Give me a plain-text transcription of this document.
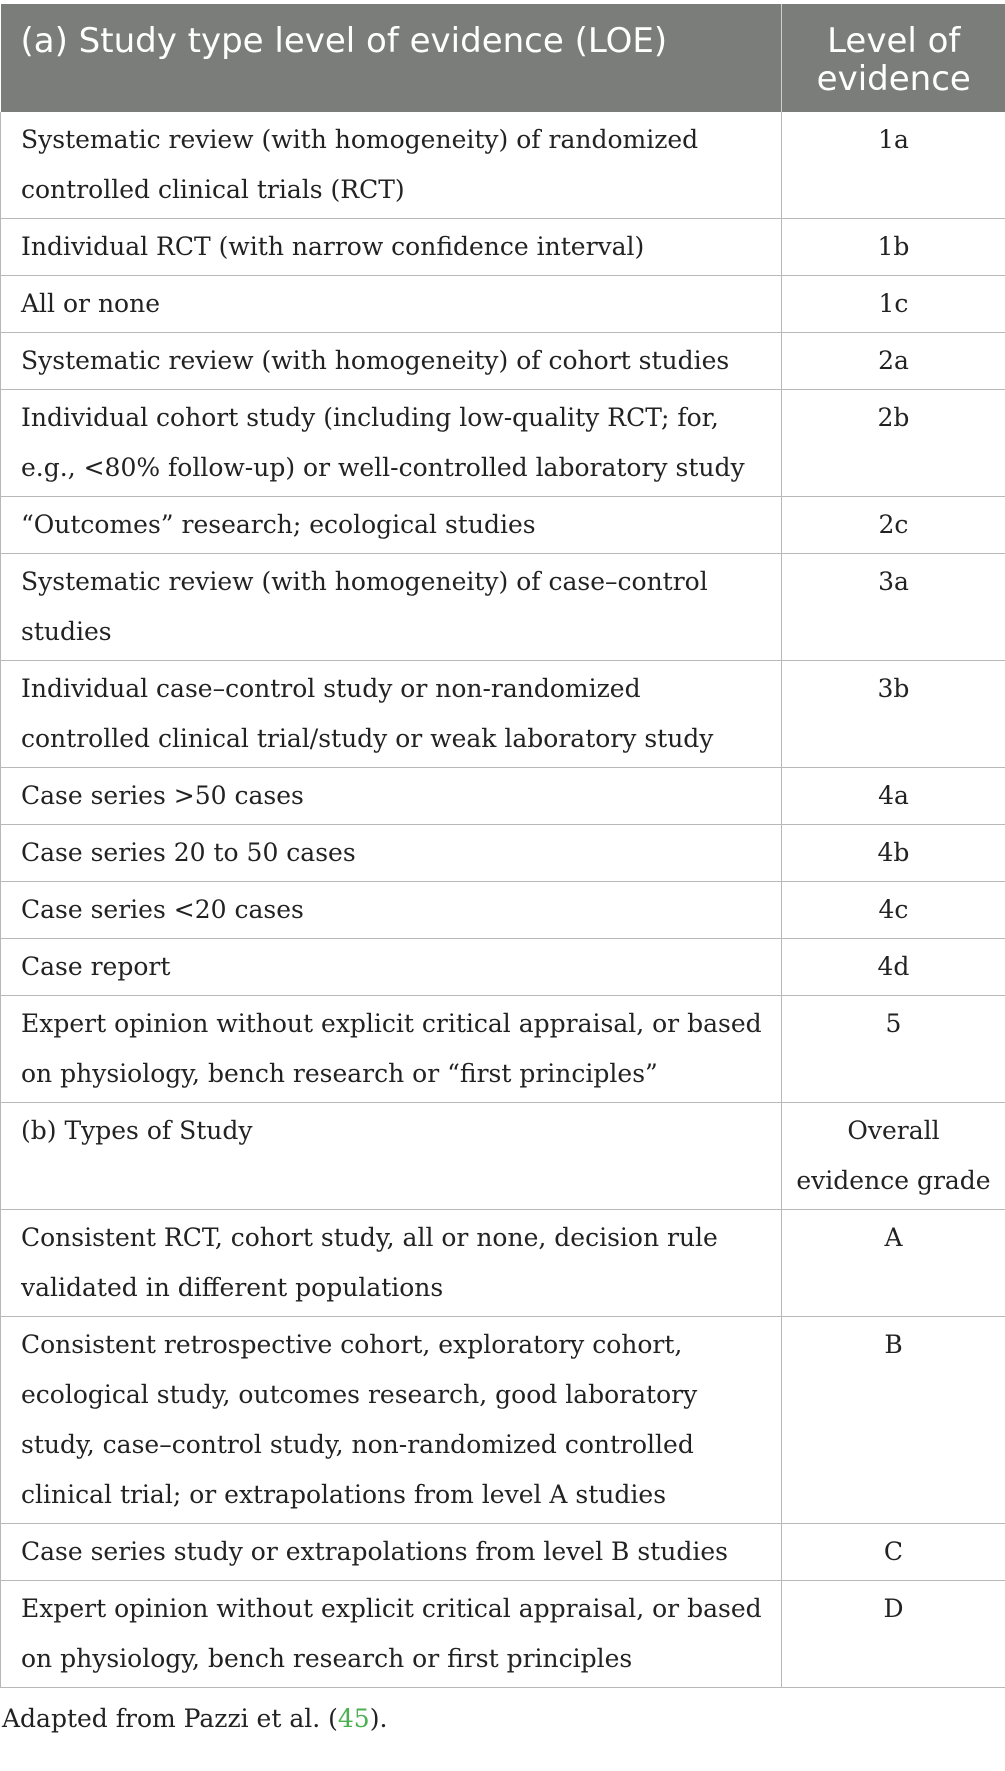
(a) Study type level of evidence (LOE)	Level of evidence
Systematic review (with homogeneity) of randomized controlled clinical trials (RCT)	1a
Individual RCT (with narrow confidence interval)	1b
All or none	1c
Systematic review (with homogeneity) of cohort studies	2a
Individual cohort study (including low-quality RCT; for, e.g., <80% follow-up) or well-controlled laboratory study	2b
“Outcomes” research; ecological studies	2c
Systematic review (with homogeneity) of case–control studies	3a
Individual case–control study or non-randomized controlled clinical trial/study or weak laboratory study	3b
Case series >50 cases	4a
Case series 20 to 50 cases	4b
Case series <20 cases	4c
Case report	4d
Expert opinion without explicit critical appraisal, or based on physiology, bench research or “first principles”	5
(b) Types of Study	Overall evidence grade
Consistent RCT, cohort study, all or none, decision rule validated in different populations	A
Consistent retrospective cohort, exploratory cohort, ecological study, outcomes research, good laboratory study, case–control study, non-randomized controlled clinical trial; or extrapolations from level A studies	B
Case series study or extrapolations from level B studies	C
Expert opinion without explicit critical appraisal, or based on physiology, bench research or first principles	D
Adapted from Pazzi et al. (45).
